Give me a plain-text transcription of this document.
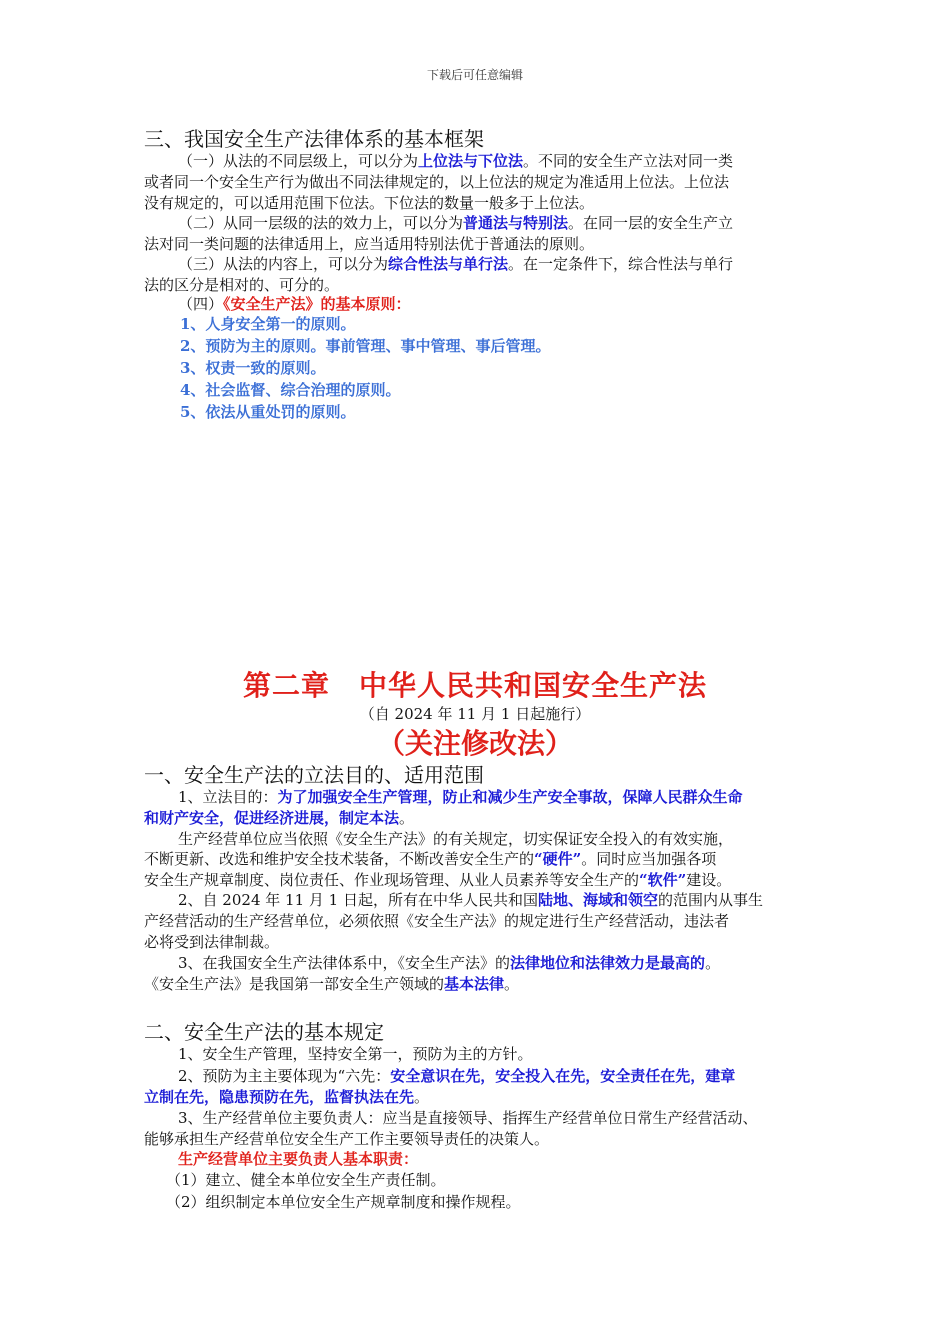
下载后可任意编辑
三、我国安全生产法律体系的基本框架
（一）从法的不同层级上，可以分为上位法与下位法。不同的安全生产立法对同一类
或者同一个安全生产行为做出不同法律规定的，以上位法的规定为准适用上位法。上位法
没有规定的，可以适用范围下位法。下位法的数量一般多于上位法。
（二）从同一层级的法的效力上，可以分为普通法与特别法。在同一层的安全生产立
法对同一类问题的法律适用上，应当适用特别法优于普通法的原则。
（三）从法的内容上，可以分为综合性法与单行法。在一定条件下，综合性法与单行
法的区分是相对的、可分的。
（四）《安全生产法》的基本原则：
1、人身安全第一的原则。
2、预防为主的原则。事前管理、事中管理、事后管理。
3、权责一致的原则。
4、社会监督、综合治理的原则。
5、依法从重处罚的原则。
第二章　中华人民共和国安全生产法
（自 2024 年 11 月 1 日起施行）
（关注修改法）
一、安全生产法的立法目的、适用范围
1、立法目的：为了加强安全生产管理，防止和减少生产安全事故，保障人民群众生命
和财产安全，促进经济进展，制定本法。
生产经营单位应当依照《安全生产法》的有关规定，切实保证安全投入的有效实施，
不断更新、改选和维护安全技术装备，不断改善安全生产的“硬件”。同时应当加强各项
安全生产规章制度、岗位责任、作业现场管理、从业人员素养等安全生产的“软件”建设。
2、自 2024 年 11 月 1 日起，所有在中华人民共和国陆地、海域和领空的范围内从事生
产经营活动的生产经营单位，必须依照《安全生产法》的规定进行生产经营活动，违法者
必将受到法律制裁。
3、在我国安全生产法律体系中，《安全生产法》的法律地位和法律效力是最高的。
《安全生产法》是我国第一部安全生产领域的基本法律。
二、安全生产法的基本规定
1、安全生产管理，坚持安全第一，预防为主的方针。
2、预防为主主要体现为“六先：安全意识在先，安全投入在先，安全责任在先，建章
立制在先，隐患预防在先，监督执法在先。
3、生产经营单位主要负责人：应当是直接领导、指挥生产经营单位日常生产经营活动、
能够承担生产经营单位安全生产工作主要领导责任的决策人。
生产经营单位主要负责人基本职责：
（1）建立、健全本单位安全生产责任制。
（2）组织制定本单位安全生产规章制度和操作规程。
